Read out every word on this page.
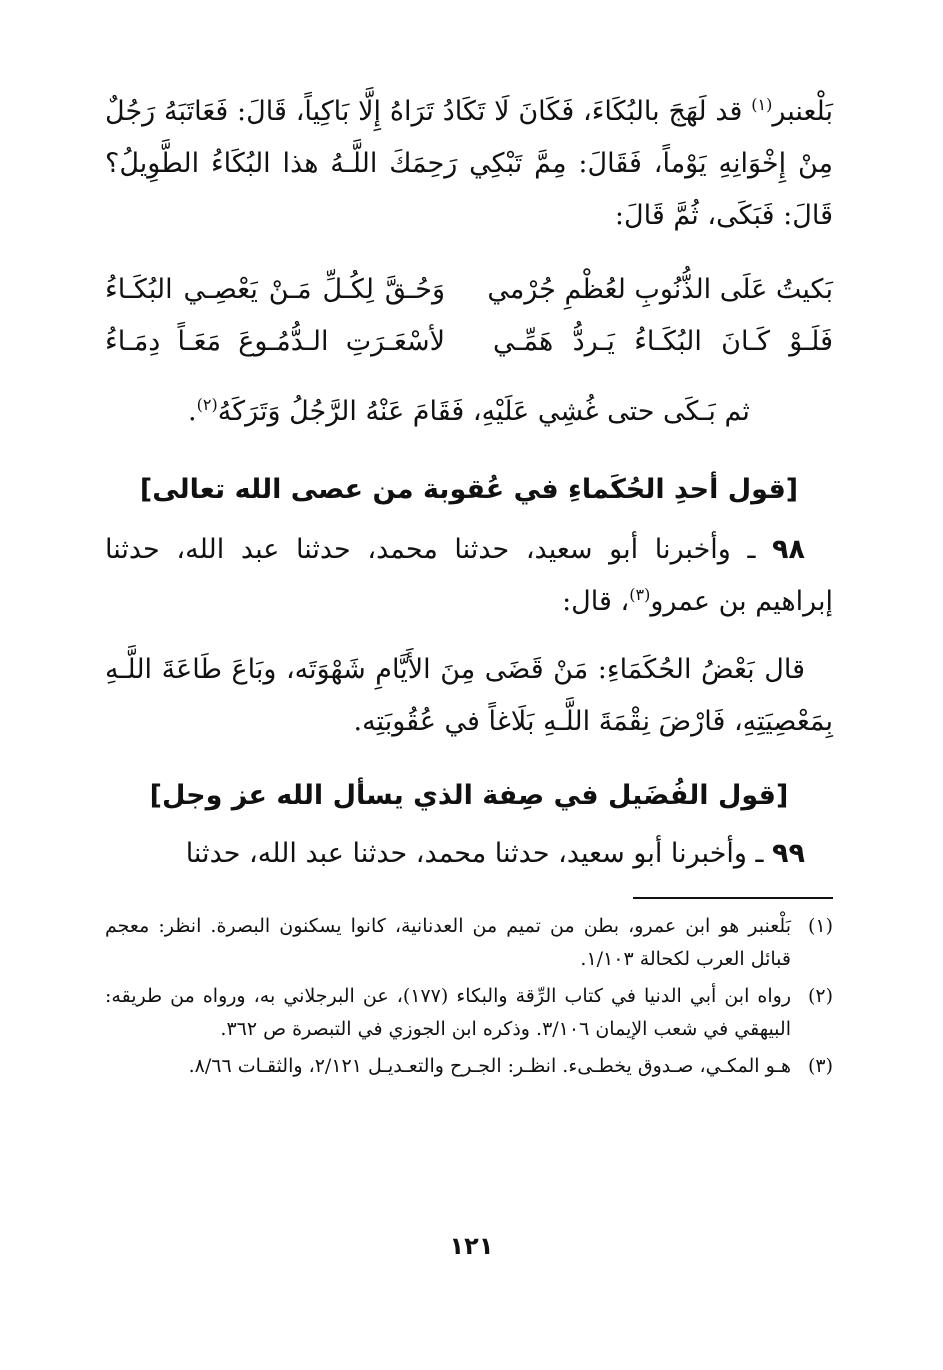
بَلْعنبر$^{(١)}$ قد لَهَجَ بالبُكَاءَ، فَكَانَ لَا تَكَادُ تَرَاهُ إِلَّا بَاكِياً، قَالَ: فَعَاتَبَهُ رَجُلٌ مِنْ إِخْوَانِهِ يَوْماً، فَقَالَ: مِمَّ تَبْكِي رَحِمَكَ اللَّـهُ هذا البُكَاءُ الطَّوِيلُ؟ قَالَ: فَبَكَى، ثُمَّ قَالَ:

بَكيتُ عَلَى الذُّنُوبِ لعُظْمِ جُرْمي
وَحُـقَّ لِكُـلِّ مَـنْ يَعْصِـي البُكَـاءُ
فَلَـوْ كَـانَ البُكَـاءُ يَـردُّ هَمِّـي
لأسْعَـرَتِ الـدُّمُـوعَ مَعَـاً دِمَـاءُ
ثم بَـكَى حتى غُشِي عَلَيْهِ، فَقَامَ عَنْهُ الرَّجُلُ وَتَرَكَهُ$^{(٢)}$.
[قول أحدِ الحُكَماءِ في عُقوبة من عصى الله تعالى]

٩٨ ـ وأخبرنا أبو سعيد، حدثنا محمد، حدثنا عبد الله، حدثنا إبراهيم بن عمرو$^{(٣)}$، قال:

قال بَعْضُ الحُكَمَاءِ: مَنْ قَضَى مِنَ الأَيَّامِ شَهْوَتَه، وبَاعَ طَاعَةَ اللَّـهِ بِمَعْصِيَتِهِ، فَارْضَ نِقْمَةَ اللَّـهِ بَلَاغاً في عُقُوبَتِه.

[قول الفُضَيل في صِفة الذي يسأل الله عز وجل]

٩٩ ـ وأخبرنا أبو سعيد، حدثنا محمد، حدثنا عبد الله، حدثنا

(١)
بَلْعنبر هو ابن عمرو، بطن من تميم من العدنانية، كانوا يسكنون البصرة. انظر: معجم قبائل العرب لكحالة ١/١٠٣.
(٢)
رواه ابن أبي الدنيا في كتاب الرِّقة والبكاء (١٧٧)، عن البرجلاني به، ورواه من طريقه: البيهقي في شعب الإيمان ٣/١٠٦. وذكره ابن الجوزي في التبصرة ص ٣٦٢.
(٣)
هـو المكـي، صـدوق يخطـىء. انظـر: الجـرح والتعـديـل ٢/١٢١، والثقـات ٨/٦٦.
١٢١
